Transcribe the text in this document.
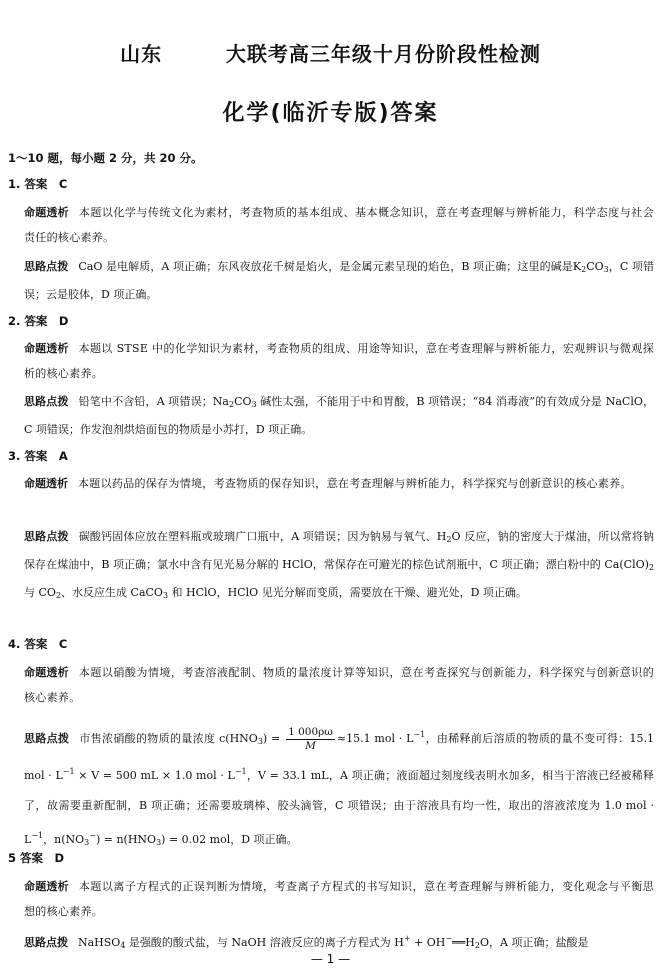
山东        大联考高三年级十月份阶段性检测
化学(临沂专版)答案
1～10 题，每小题 2 分，共 20 分。
1. 答案　C
命题透析 本题以化学与传统文化为素材，考查物质的基本组成、基本概念知识，意在考查理解与辨析能力，科学态度与社会责任的核心素养。
思路点拨 CaO 是电解质，A 项正确；东风夜放花千树是焰火，是金属元素呈现的焰色，B 项正确；这里的碱是$K_2CO_3$，C 项错误；云是胶体，D 项正确。
2. 答案　D
命题透析 本题以 STSE 中的化学知识为素材，考查物质的组成、用途等知识，意在考查理解与辨析能力，宏观辨识与微观探析的核心素养。
思路点拨 铅笔中不含铅，A 项错误；$Na_2CO_3$ 碱性太强，不能用于中和胃酸，B 项错误；“84 消毒液”的有效成分是 NaClO，C 项错误；作发泡剂烘焙面包的物质是小苏打，D 项正确。
3. 答案　A
命题透析 本题以药品的保存为情境，考查物质的保存知识，意在考查理解与辨析能力，科学探究与创新意识的核心素养。
思路点拨 碳酸钙固体应放在塑料瓶或玻璃广口瓶中，A 项错误；因为钠易与氧气、$H_2O$ 反应，钠的密度大于煤油，所以常将钠保存在煤油中，B 项正确；氯水中含有见光易分解的 HClO，常保存在可避光的棕色试剂瓶中，C 项正确；漂白粉中的 $Ca(ClO)_2$ 与 $CO_2$、水反应生成 CaCO$_3$ 和 HClO，HClO 见光分解而变质，需要放在干燥、避光处，D 项正确。
4. 答案　C
命题透析 本题以硝酸为情境，考查溶液配制、物质的量浓度计算等知识，意在考查探究与创新能力，科学探究与创新意识的核心素养。
思路点拨 市售浓硝酸的物质的量浓度 $c(HNO_3) = \frac{1 000\rho\omega}{M} \approx 15.1$ mol · $L^{-1}$，由稀释前后溶质的物质的量不变可得：15.1 mol · $L^{-1} \times V = 500$ mL × 1.0 mol · $L^{-1}$，V = 33.1 mL，A 项正确；液面超过刻度线表明水加多，相当于溶液已经被稀释了，故需要重新配制，B 项正确；还需要玻璃棒、胶头滴管，C 项错误；由于溶液具有均一性，取出的溶液浓度为 1.0 mol · $L^{-1}$，$n(NO_3^-) = n(HNO_3) = 0.02$ mol，D 项正确。
5 答案　D
命题透析 本题以离子方程式的正误判断为情境，考查离子方程式的书写知识，意在考查理解与辨析能力，变化观念与平衡思想的核心素养。
思路点拨 NaHSO$_4$ 是强酸的酸式盐，与 NaOH 溶液反应的离子方程式为 $H^+ + OH^-══H_2O$，A 项正确；盐酸是
— 1 —
